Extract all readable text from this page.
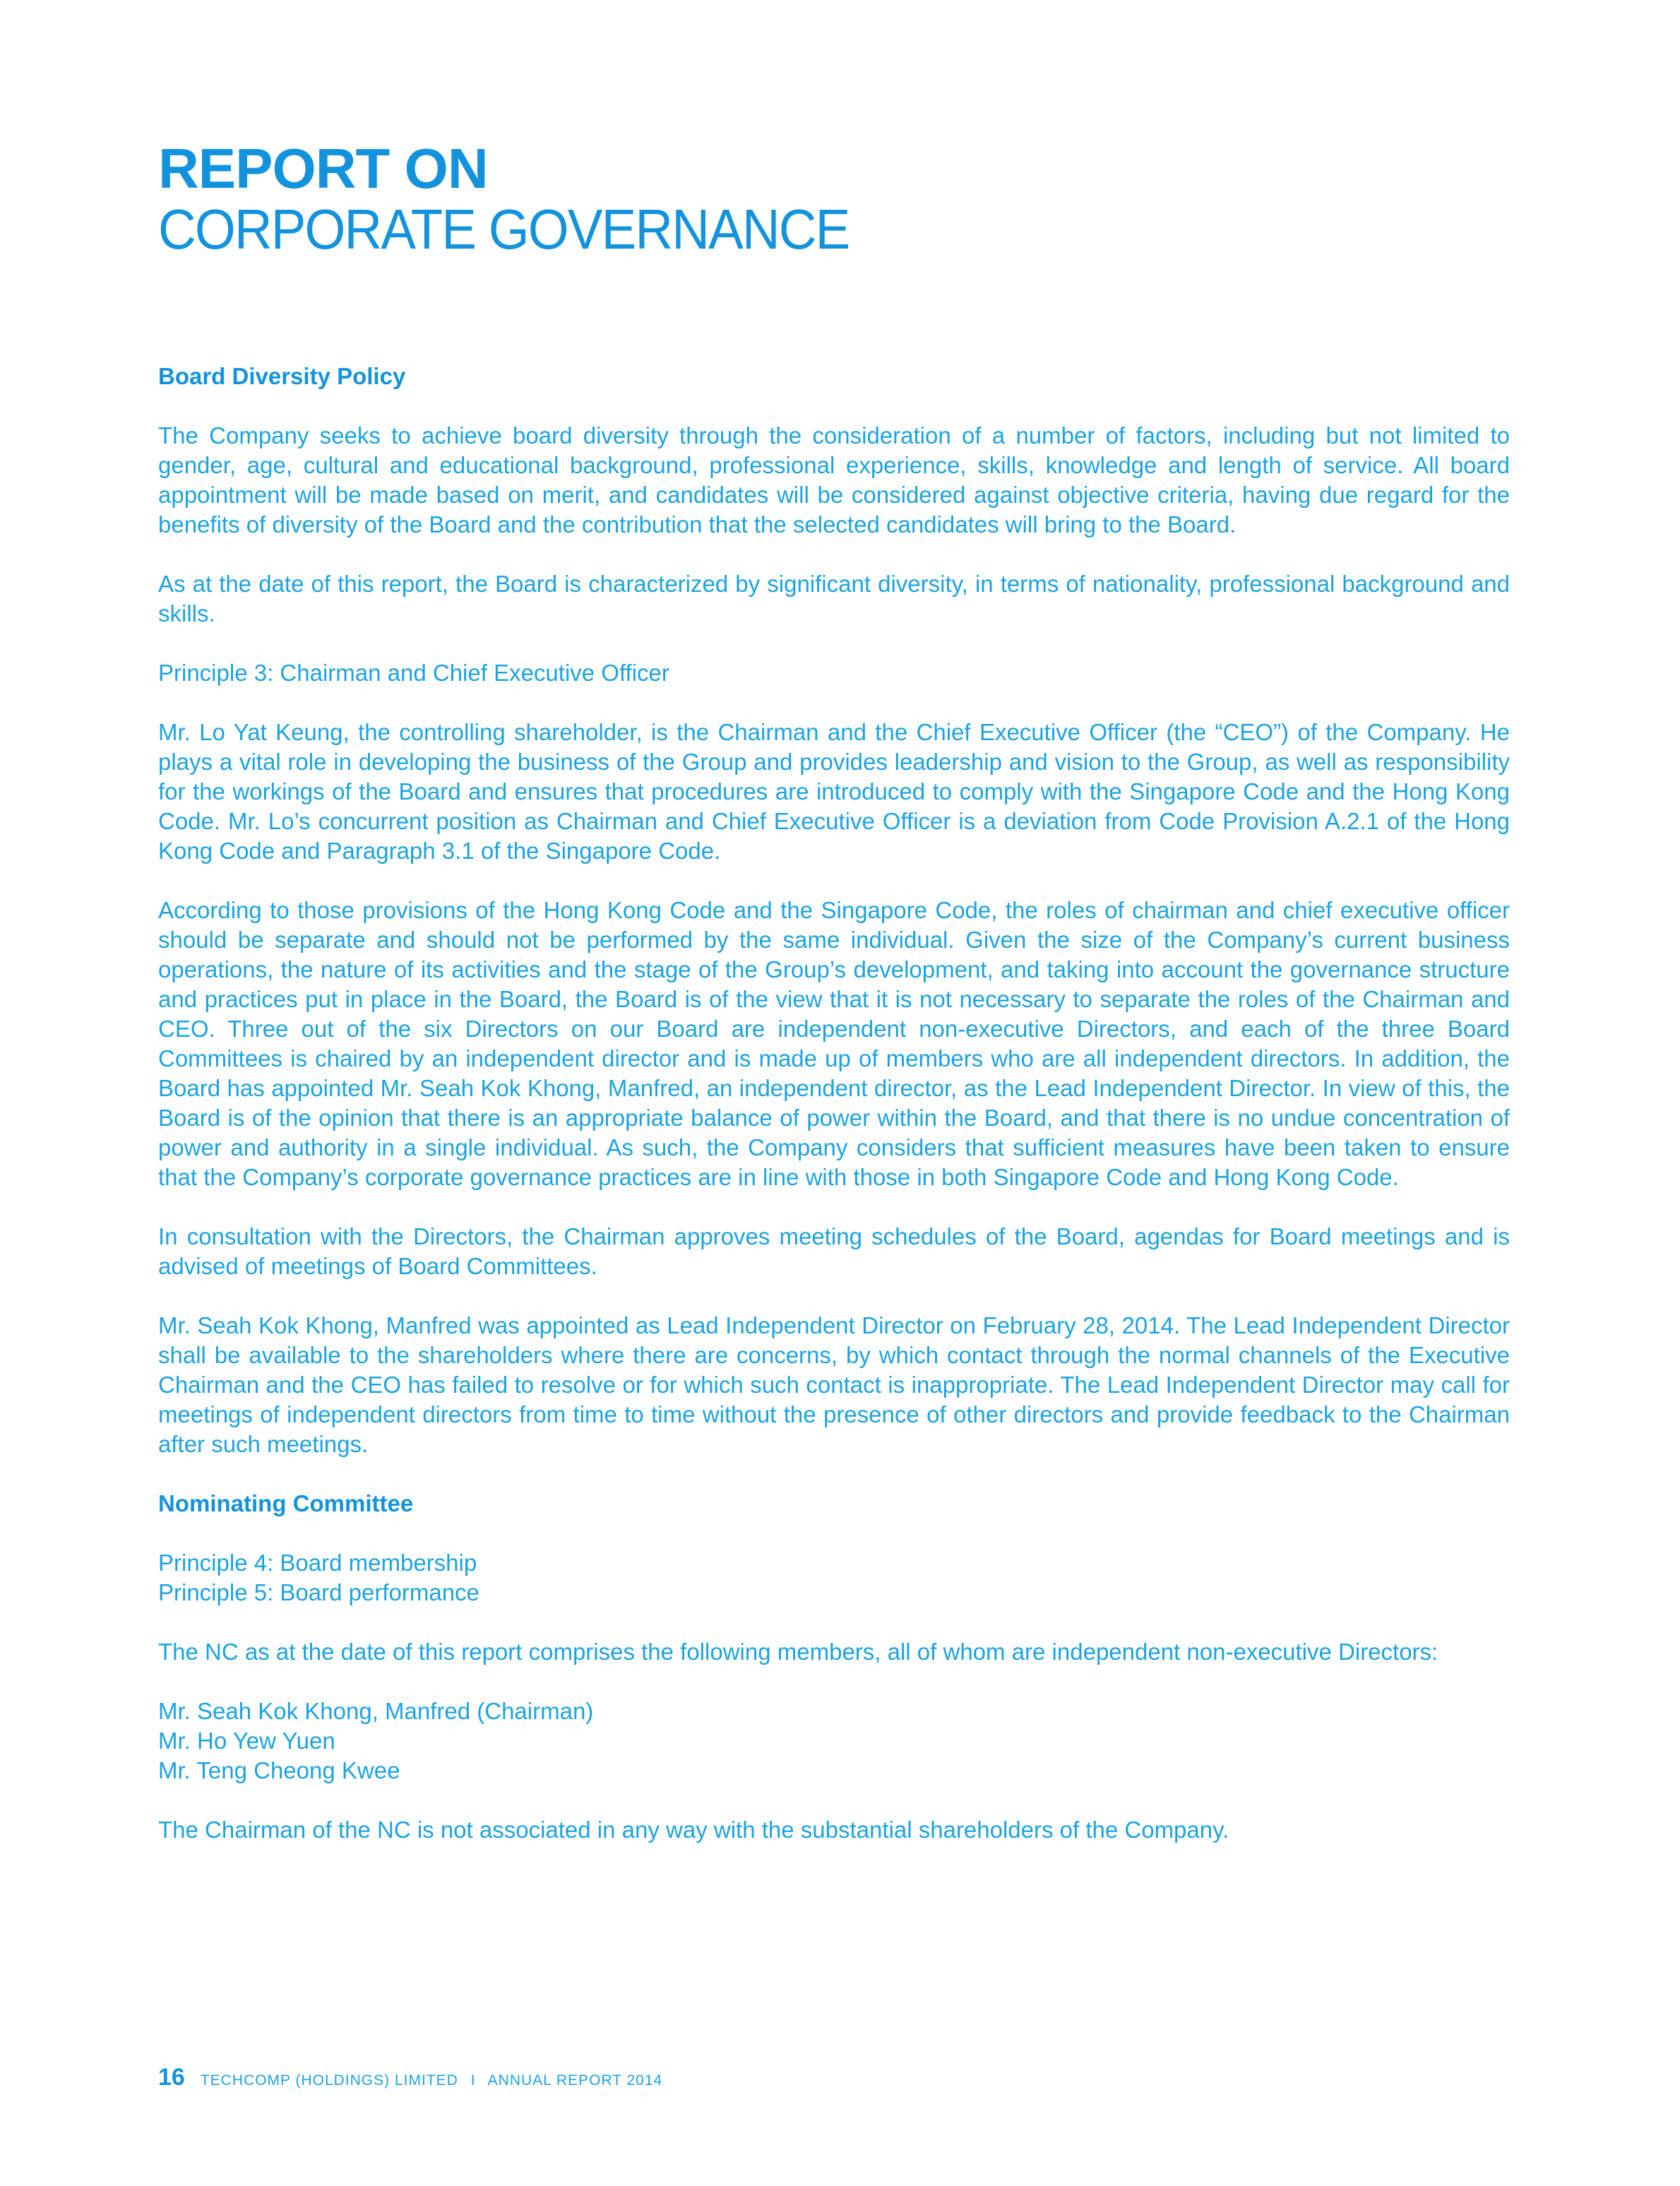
REPORT ON
CORPORATE GOVERNANCE
Board Diversity Policy

The Company seeks to achieve board diversity through the consideration of a number of factors, including but not limited to gender, age, cultural and educational background, professional experience, skills, knowledge and length of service. All board appointment will be made based on merit, and candidates will be considered against objective criteria, having due regard for the benefits of diversity of the Board and the contribution that the selected candidates will bring to the Board.

As at the date of this report, the Board is characterized by significant diversity, in terms of nationality, professional background and skills.

Principle 3: Chairman and Chief Executive Officer

Mr. Lo Yat Keung, the controlling shareholder, is the Chairman and the Chief Executive Officer (the “CEO”) of the Company. He plays a vital role in developing the business of the Group and provides leadership and vision to the Group, as well as responsibility for the workings of the Board and ensures that procedures are introduced to comply with the Singapore Code and the Hong Kong Code. Mr. Lo’s concurrent position as Chairman and Chief Executive Officer is a deviation from Code Provision A.2.1 of the Hong Kong Code and Paragraph 3.1 of the Singapore Code.

According to those provisions of the Hong Kong Code and the Singapore Code, the roles of chairman and chief executive officer should be separate and should not be performed by the same individual. Given the size of the Company’s current business operations, the nature of its activities and the stage of the Group’s development, and taking into account the governance structure and practices put in place in the Board, the Board is of the view that it is not necessary to separate the roles of the Chairman and CEO. Three out of the six Directors on our Board are independent non-executive Directors, and each of the three Board Committees is chaired by an independent director and is made up of members who are all independent directors. In addition, the Board has appointed Mr. Seah Kok Khong, Manfred, an independent director, as the Lead Independent Director. In view of this, the Board is of the opinion that there is an appropriate balance of power within the Board, and that there is no undue concentration of power and authority in a single individual. As such, the Company considers that sufficient measures have been taken to ensure that the Company’s corporate governance practices are in line with those in both Singapore Code and Hong Kong Code.

In consultation with the Directors, the Chairman approves meeting schedules of the Board, agendas for Board meetings and is advised of meetings of Board Committees.

Mr. Seah Kok Khong, Manfred was appointed as Lead Independent Director on February 28, 2014. The Lead Independent Director shall be available to the shareholders where there are concerns, by which contact through the normal channels of the Executive Chairman and the CEO has failed to resolve or for which such contact is inappropriate. The Lead Independent Director may call for meetings of independent directors from time to time without the presence of other directors and provide feedback to the Chairman after such meetings.

Nominating Committee
Principle 4: Board membership
Principle 5: Board performance

The NC as at the date of this report comprises the following members, all of whom are independent non-executive Directors:

Mr. Seah Kok Khong, Manfred (Chairman)
Mr. Ho Yew Yuen
Mr. Teng Cheong Kwee

The Chairman of the NC is not associated in any way with the substantial shareholders of the Company.

16 TECHCOMP (HOLDINGS) LIMITED I ANNUAL REPORT 2014
